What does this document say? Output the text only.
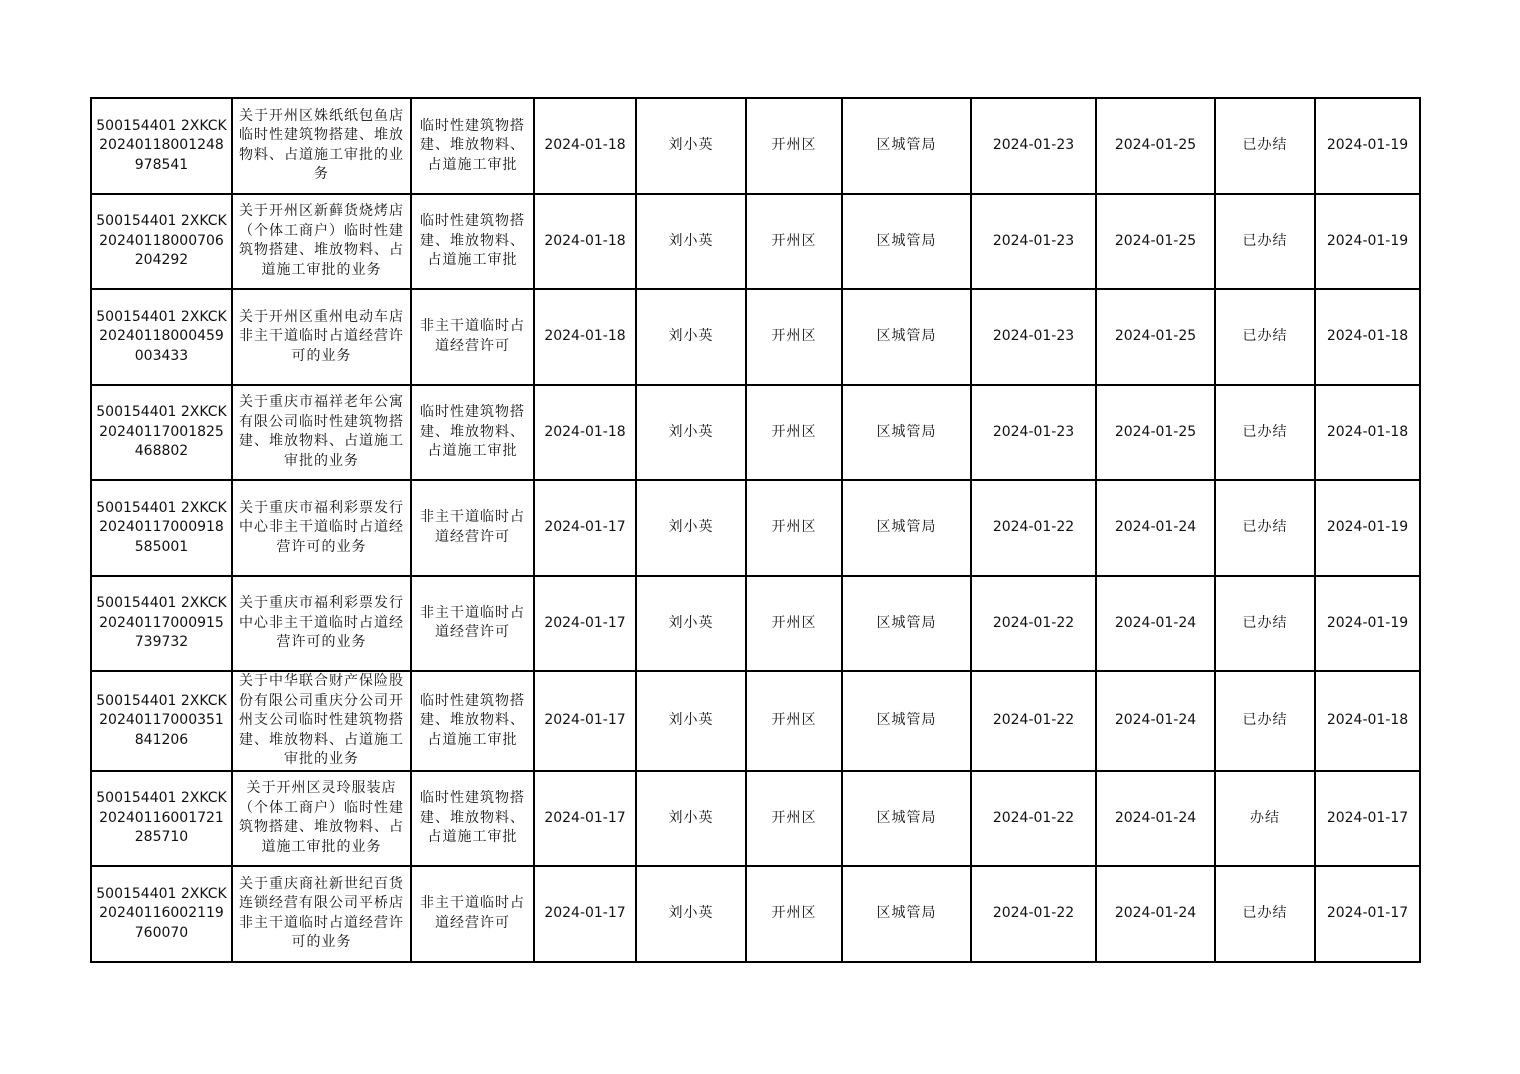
500154401 2XKCK20240118001248978541	关于开州区姝纸纸包鱼店临时性建筑物搭建、堆放物料、占道施工审批的业务	临时性建筑物搭建、堆放物料、占道施工审批	2024-01-18	刘小英	开州区	区城管局	2024-01-23	2024-01-25	已办结	2024-01-19
500154401 2XKCK20240118000706204292	关于开州区新藓货烧烤店（个体工商户）临时性建筑物搭建、堆放物料、占道施工审批的业务	临时性建筑物搭建、堆放物料、占道施工审批	2024-01-18	刘小英	开州区	区城管局	2024-01-23	2024-01-25	已办结	2024-01-19
500154401 2XKCK20240118000459003433	关于开州区重州电动车店非主干道临时占道经营许可的业务	非主干道临时占道经营许可	2024-01-18	刘小英	开州区	区城管局	2024-01-23	2024-01-25	已办结	2024-01-18
500154401 2XKCK20240117001825468802	关于重庆市福祥老年公寓有限公司临时性建筑物搭建、堆放物料、占道施工审批的业务	临时性建筑物搭建、堆放物料、占道施工审批	2024-01-18	刘小英	开州区	区城管局	2024-01-23	2024-01-25	已办结	2024-01-18
500154401 2XKCK20240117000918585001	关于重庆市福利彩票发行中心非主干道临时占道经营许可的业务	非主干道临时占道经营许可	2024-01-17	刘小英	开州区	区城管局	2024-01-22	2024-01-24	已办结	2024-01-19
500154401 2XKCK20240117000915739732	关于重庆市福利彩票发行中心非主干道临时占道经营许可的业务	非主干道临时占道经营许可	2024-01-17	刘小英	开州区	区城管局	2024-01-22	2024-01-24	已办结	2024-01-19
500154401 2XKCK20240117000351841206	关于中华联合财产保险股份有限公司重庆分公司开州支公司临时性建筑物搭建、堆放物料、占道施工审批的业务	临时性建筑物搭建、堆放物料、占道施工审批	2024-01-17	刘小英	开州区	区城管局	2024-01-22	2024-01-24	已办结	2024-01-18
500154401 2XKCK20240116001721285710	关于开州区灵玲服装店（个体工商户）临时性建筑物搭建、堆放物料、占道施工审批的业务	临时性建筑物搭建、堆放物料、占道施工审批	2024-01-17	刘小英	开州区	区城管局	2024-01-22	2024-01-24	办结	2024-01-17
500154401 2XKCK20240116002119760070	关于重庆商社新世纪百货连锁经营有限公司平桥店非主干道临时占道经营许可的业务	非主干道临时占道经营许可	2024-01-17	刘小英	开州区	区城管局	2024-01-22	2024-01-24	已办结	2024-01-17
